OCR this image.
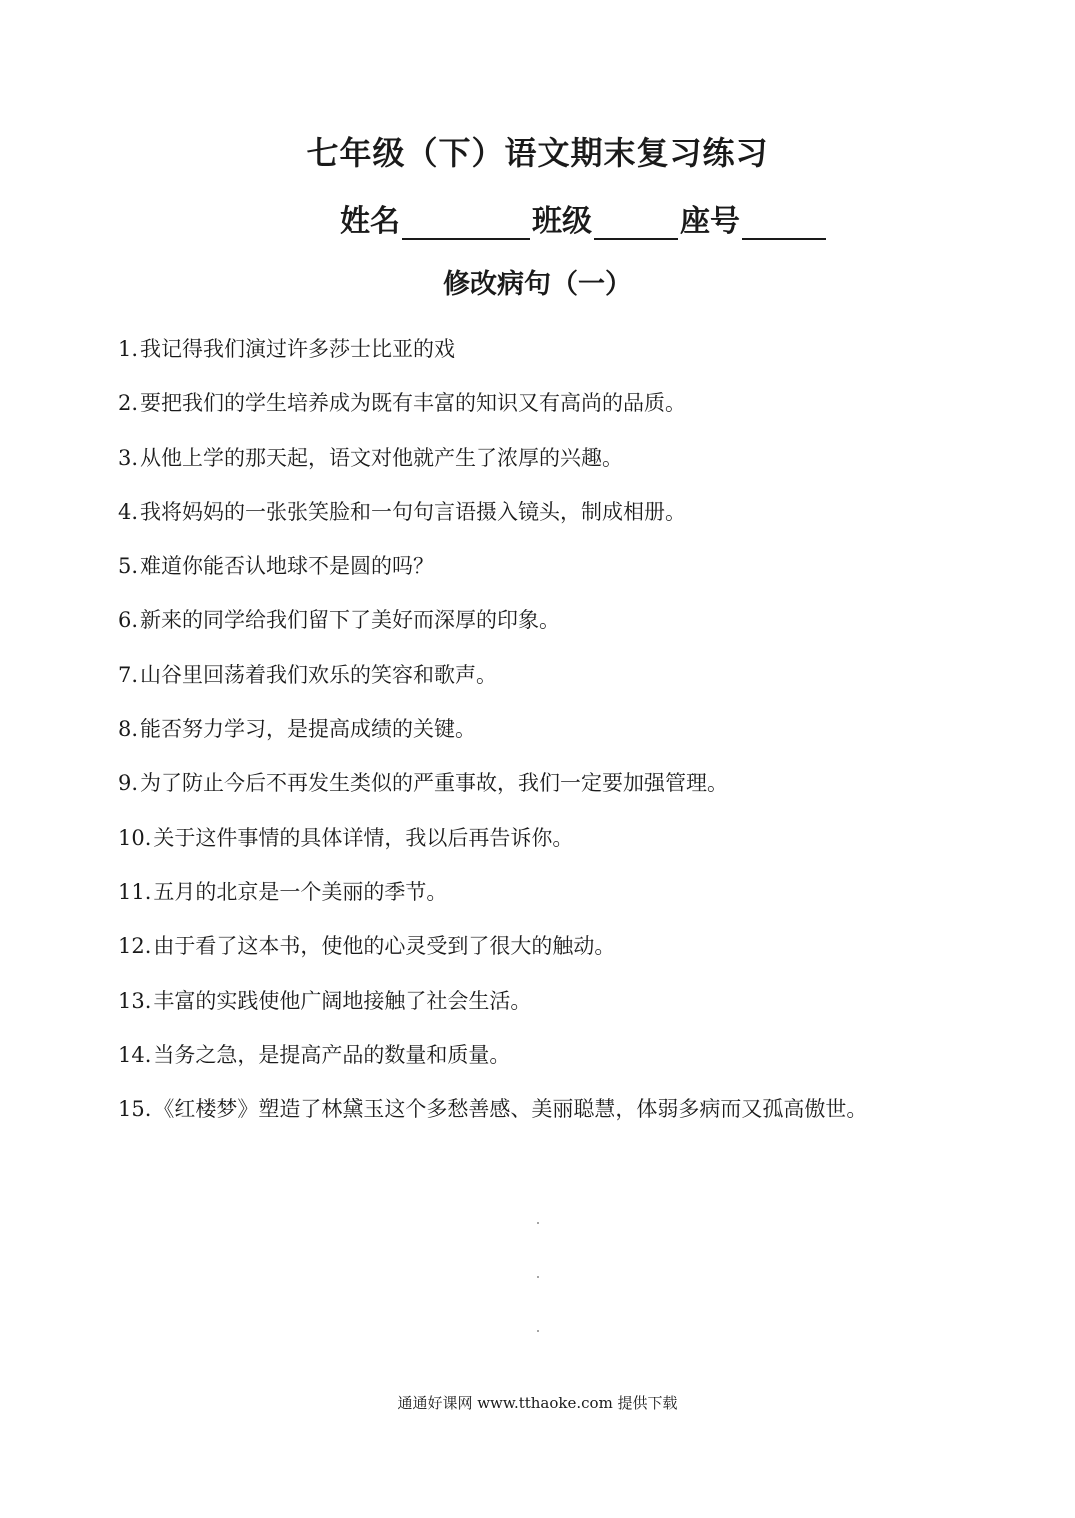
七年级（下）语文期末复习练习
姓名	班级	座号
修改病句（一）
1.我记得我们演过许多莎士比亚的戏
2.要把我们的学生培养成为既有丰富的知识又有高尚的品质。
3.从他上学的那天起，语文对他就产生了浓厚的兴趣。
4.我将妈妈的一张张笑脸和一句句言语摄入镜头，制成相册。
5.难道你能否认地球不是圆的吗？
6.新来的同学给我们留下了美好而深厚的印象。
7.山谷里回荡着我们欢乐的笑容和歌声。
8.能否努力学习，是提高成绩的关键。
9.为了防止今后不再发生类似的严重事故，我们一定要加强管理。
10.关于这件事情的具体详情，我以后再告诉你。
11.五月的北京是一个美丽的季节。
12.由于看了这本书，使他的心灵受到了很大的触动。
13.丰富的实践使他广阔地接触了社会生活。
14.当务之急，是提高产品的数量和质量。
15.《红楼梦》塑造了林黛玉这个多愁善感、美丽聪慧，体弱多病而又孤高傲世。
通通好课网 www.tthaoke.com 提供下载
